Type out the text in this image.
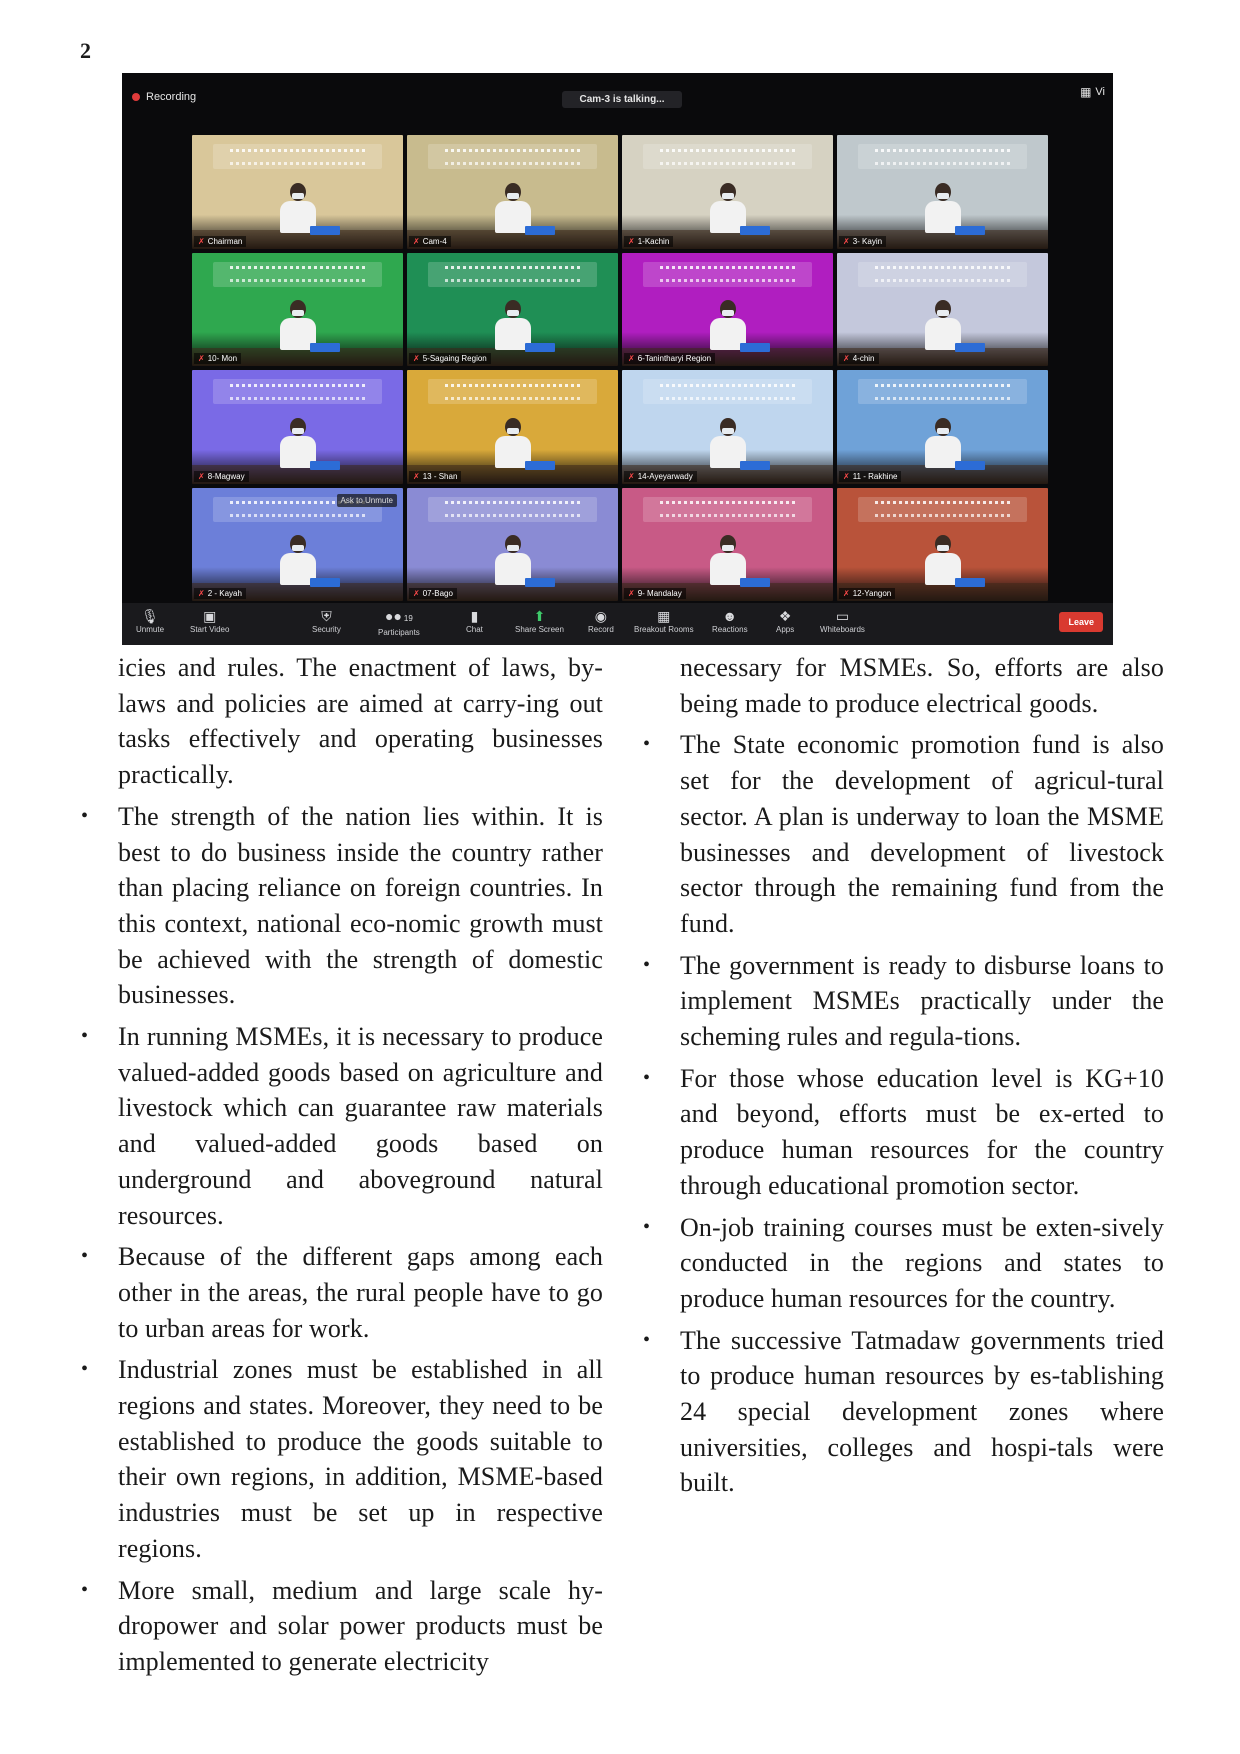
2
Recording	Cam-3 is talking...
▦ Vi
✗ Chairman	✗ Cam-4	✗ 1-Kachin	✗ 3- Kayin
✗ 10- Mon	✗ 5-Sagaing Region	✗ 6-Tanintharyi Region	✗ 4-chin
✗ 8-Magway	✗ 13 - Shan	✗ 14-Ayeyarwady	✗ 11 - Rakhine
✗ 2 - Kayah
Ask to Unmute
✗ 07-Bago	✗ 9- Mandalay	✗ 12-Yangon
🎙
Unmute
▣
Start Video
⛨
Security
●● 19
Participants
▮
Chat
⬆
Share Screen
◉
Record
▦
Breakout Rooms
☻
Reactions
❖
Apps
▭
Whiteboards
Leave

icies and rules. The enactment of laws, by-laws and policies are aimed at carry-ing out tasks effectively and operating businesses practically.

• The strength of the nation lies within. It is best to do business inside the country rather than placing reliance on foreign countries. In this context, national eco-nomic growth must be achieved with the strength of domestic businesses.

• In running MSMEs, it is necessary to produce valued-added goods based on agriculture and livestock which can guarantee raw materials and valued-added goods based on underground and aboveground natural resources.

• Because of the different gaps among each other in the areas, the rural people have to go to urban areas for work.

• Industrial zones must be established in all regions and states. Moreover, they need to be established to produce the goods suitable to their own regions, in addition, MSME-based industries must be set up in respective regions.

• More small, medium and large scale hy-dropower and solar power products must be implemented to generate electricity

necessary for MSMEs. So, efforts are also being made to produce electrical goods.

• The State economic promotion fund is also set for the development of agricul-tural sector. A plan is underway to loan the MSME businesses and development of livestock sector through the remaining fund from the fund.

• The government is ready to disburse loans to implement MSMEs practically under the scheming rules and regula-tions.

• For those whose education level is KG+10 and beyond, efforts must be ex-erted to produce human resources for the country through educational promotion sector.

• On-job training courses must be exten-sively conducted in the regions and states to produce human resources for the country.

• The successive Tatmadaw governments tried to produce human resources by es-tablishing 24 special development zones where universities, colleges and hospi-tals were built.
